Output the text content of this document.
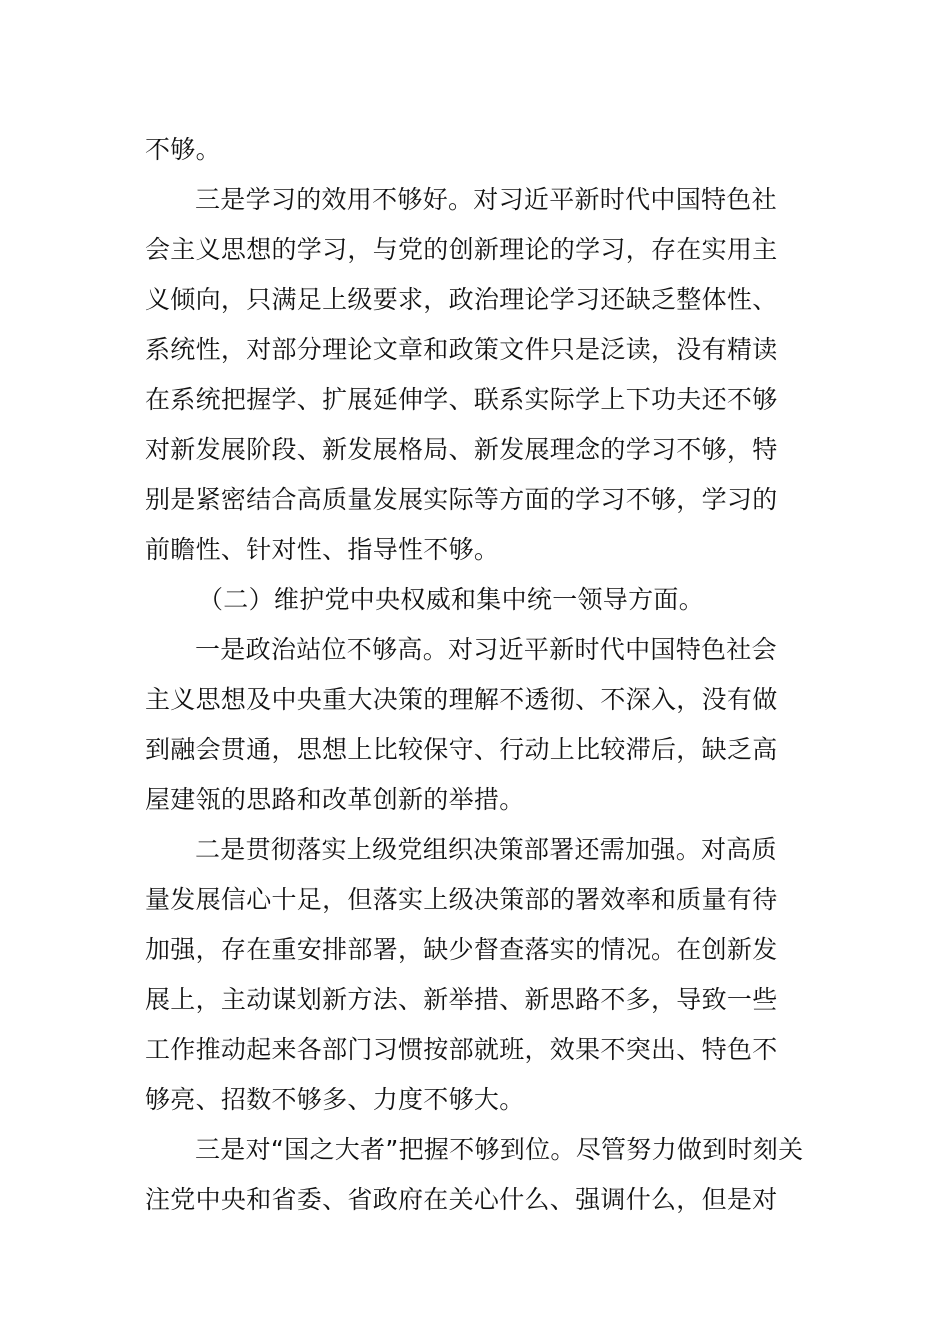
不够。
三是学习的效用不够好。对习近平新时代中国特色社
会主义思想的学习，与党的创新理论的学习，存在实用主
义倾向，只满足上级要求，政治理论学习还缺乏整体性、
系统性，对部分理论文章和政策文件只是泛读，没有精读
在系统把握学、扩展延伸学、联系实际学上下功夫还不够
对新发展阶段、新发展格局、新发展理念的学习不够，特
别是紧密结合高质量发展实际等方面的学习不够，学习的
前瞻性、针对性、指导性不够。
（二）维护党中央权威和集中统一领导方面。
一是政治站位不够高。对习近平新时代中国特色社会
主义思想及中央重大决策的理解不透彻、不深入，没有做
到融会贯通，思想上比较保守、行动上比较滞后，缺乏高
屋建瓴的思路和改革创新的举措。
二是贯彻落实上级党组织决策部署还需加强。对高质
量发展信心十足，但落实上级决策部的署效率和质量有待
加强，存在重安排部署，缺少督查落实的情况。在创新发
展上，主动谋划新方法、新举措、新思路不多，导致一些
工作推动起来各部门习惯按部就班，效果不突出、特色不
够亮、招数不够多、力度不够大。
三是对“国之大者”把握不够到位。尽管努力做到时刻关
注党中央和省委、省政府在关心什么、强调什么，但是对
